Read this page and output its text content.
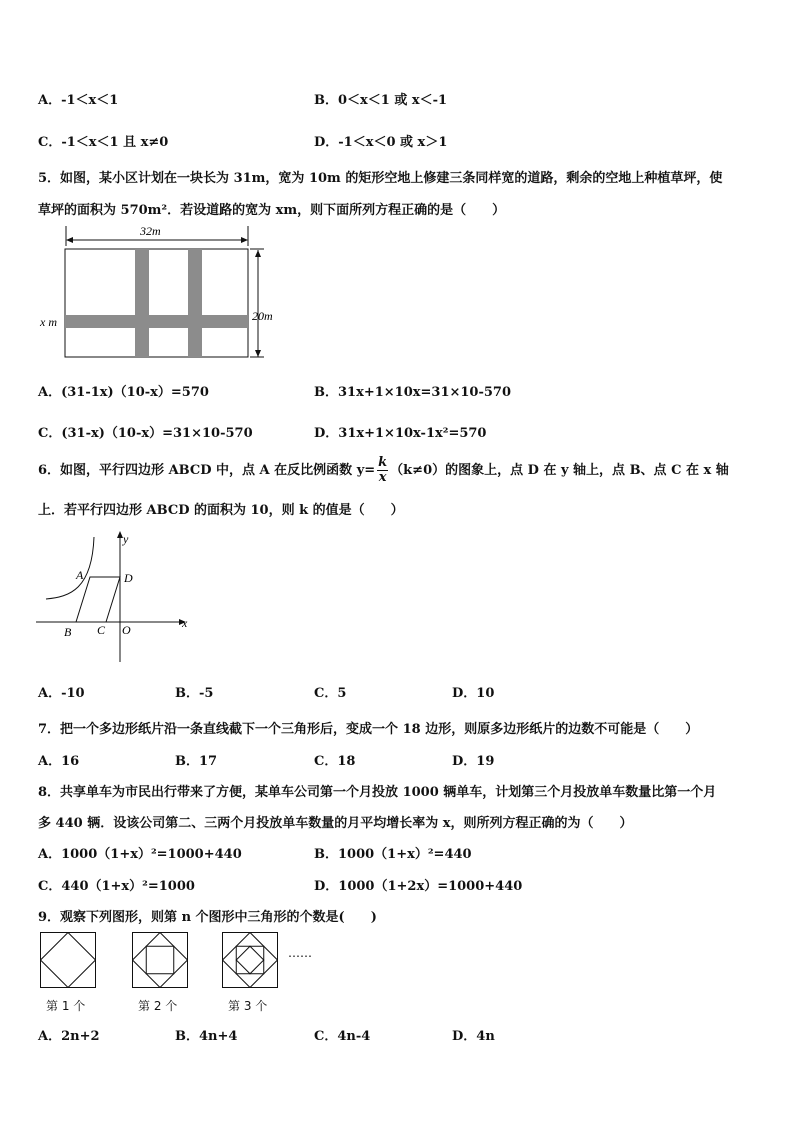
A．-1＜x＜1	B．0＜x＜1 或 x＜-1
C．-1＜x＜1 且 x≠0	D．-1＜x＜0 或 x＞1
5．如图，某小区计划在一块长为 31m，宽为 10m 的矩形空地上修建三条同样宽的道路，剩余的空地上种植草坪，使
草坪的面积为 570m²．若设道路的宽为 xm，则下面所列方程正确的是（　　）
32m
20m
x m
A．(31-1x)（10-x）=570	B．31x+1×10x=31×10-570
C．(31-x)（10-x）=31×10-570	D．31x+1×10x-1x²=570
6．如图，平行四边形 ABCD 中，点 A 在反比例函数 $y= \frac{k}{x} (k\ne 0)$的图象上，点 D 在 y 轴上，点 B、点 C 在 x 轴
上．若平行四边形 ABCD 的面积为 10，则 k 的值是（　　）
y
x
A	D
B C O
A．-10	B．-5	C．5	D．10
7．把一个多边形纸片沿一条直线截下一个三角形后，变成一个 18 边形，则原多边形纸片的边数不可能是（　　）
A．16	B．17	C．18	D．19
8．共享单车为市民出行带来了方便，某单车公司第一个月投放 1000 辆单车，计划第三个月投放单车数量比第一个月
多 440 辆．设该公司第二、三两个月投放单车数量的月平均增长率为 x，则所列方程正确的为（　　）
A．1000（1+x）²=1000+440	B．1000（1+x）²=440
C．440（1+x）²=1000	D．1000（1+2x）=1000+440
9．观察下列图形，则第 n 个图形中三角形的个数是(　　)
……
第 1 个	第 2 个	第 3 个
A．2n+2	B．4n+4	C．4n-4	D．4n
